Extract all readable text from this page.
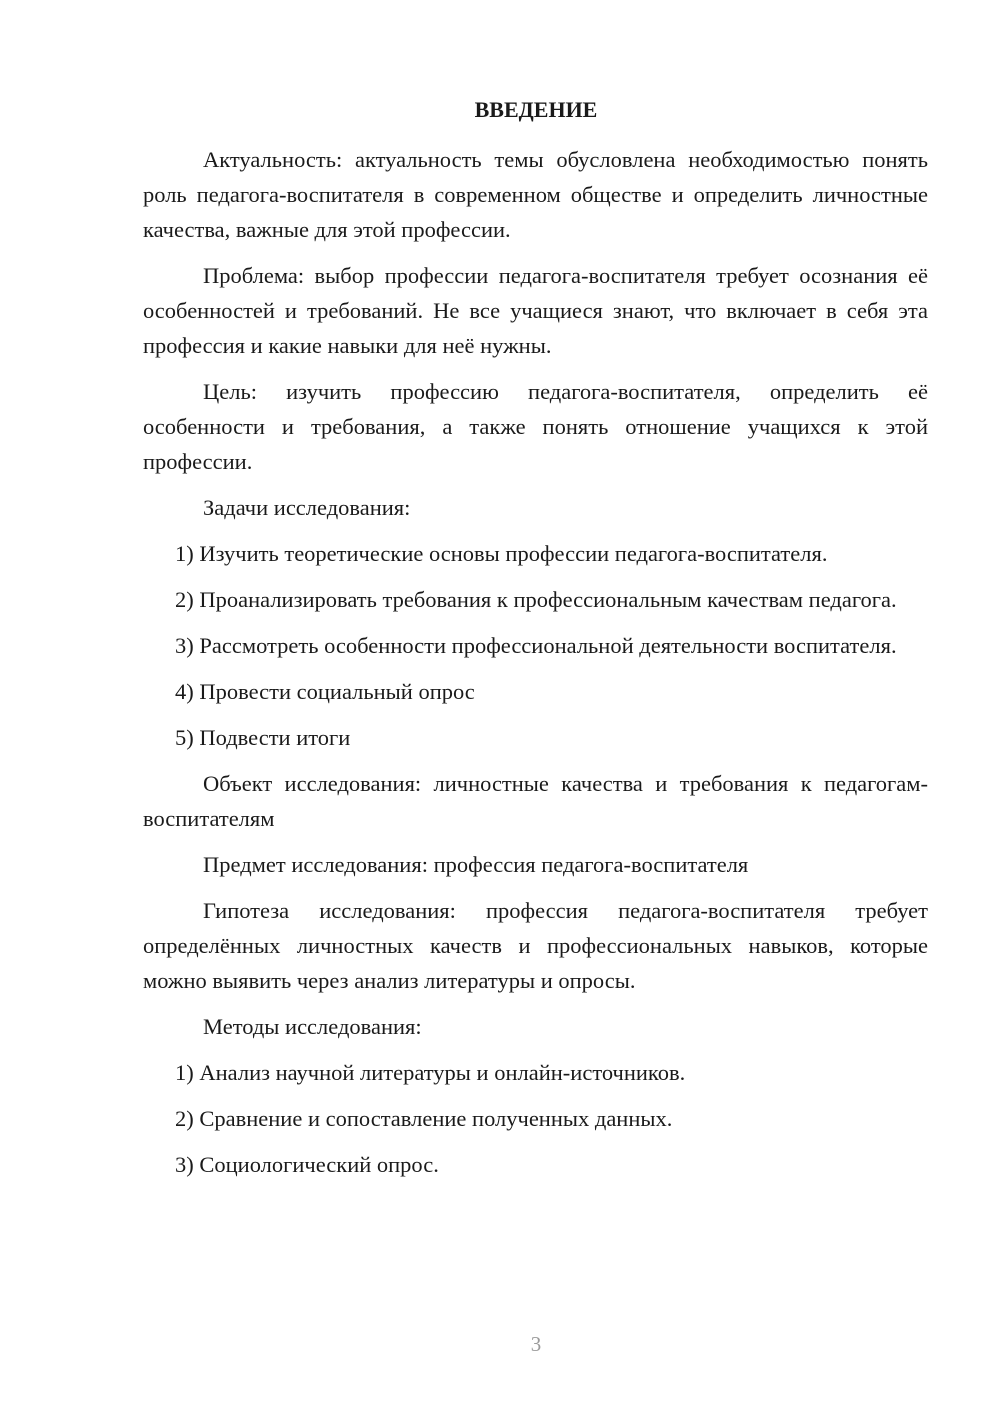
ВВЕДЕНИЕ

Актуальность: актуальность темы обусловлена необходимостью понять роль педагога-воспитателя в современном обществе и определить личностные качества, важные для этой профессии.

Проблема: выбор профессии педагога-воспитателя требует осознания её особенностей и требований. Не все учащиеся знают, что включает в себя эта профессия и какие навыки для неё нужны.

Цель: изучить профессию педагога-воспитателя, определить её особенности и требования, а также понять отношение учащихся к этой профессии.

Задачи исследования:

1) Изучить теоретические основы профессии педагога-воспитателя.

2) Проанализировать требования к профессиональным качествам педагога.

3) Рассмотреть особенности профессиональной деятельности воспитателя.

4) Провести социальный опрос

5) Подвести итоги

Объект исследования: личностные качества и требования к педагогам-воспитателям

Предмет исследования: профессия педагога-воспитателя

Гипотеза исследования: профессия педагога-воспитателя требует определённых личностных качеств и профессиональных навыков, которые можно выявить через анализ литературы и опросы.

Методы исследования:

1) Анализ научной литературы и онлайн-источников.

2) Сравнение и сопоставление полученных данных.

3) Социологический опрос.

3
